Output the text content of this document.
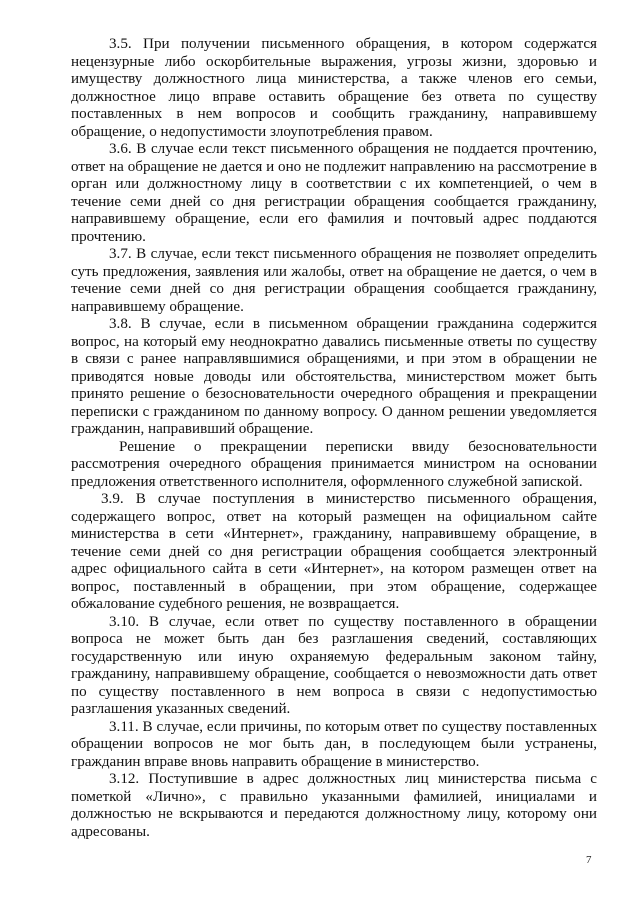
3.5. При получении письменного обращения, в котором содержатся нецензурные либо оскорбительные выражения, угрозы жизни, здоровью и имуществу должностного лица министерства, а также членов его семьи, должностное лицо вправе оставить обращение без ответа по существу поставленных в нем вопросов и сообщить гражданину, направившему обращение, о недопустимости злоупотребления правом.

3.6. В случае если текст письменного обращения не поддается прочтению, ответ на обращение не дается и оно не подлежит направлению на рассмотрение в орган или должностному лицу в соответствии с их компетенцией, о чем в течение семи дней со дня регистрации обращения сообщается гражданину, направившему обращение, если его фамилия и почтовый адрес поддаются прочтению.

3.7. В случае, если текст письменного обращения не позволяет определить суть предложения, заявления или жалобы, ответ на обращение не дается, о чем в течение семи дней со дня регистрации обращения сообщается гражданину, направившему обращение.

3.8. В случае, если в письменном обращении гражданина содержится вопрос, на который ему неоднократно давались письменные ответы по существу в связи с ранее направлявшимися обращениями, и при этом в обращении не приводятся новые доводы или обстоятельства, министерством может быть принято решение о безосновательности очередного обращения и прекращении переписки с гражданином по данному вопросу. О данном решении уведомляется гражданин, направивший обращение.

Решение о прекращении переписки ввиду безосновательности рассмотрения очередного обращения принимается министром на основании предложения ответственного исполнителя, оформленного служебной запиской.

3.9. В случае поступления в министерство письменного обращения, содержащего вопрос, ответ на который размещен на официальном сайте министерства в сети «Интернет», гражданину, направившему обращение, в течение семи дней со дня регистрации обращения сообщается электронный адрес официального сайта в сети «Интернет», на котором размещен ответ на вопрос, поставленный в обращении, при этом обращение, содержащее обжалование судебного решения, не возвращается.

3.10. В случае, если ответ по существу поставленного в обращении вопроса не может быть дан без разглашения сведений, составляющих государственную или иную охраняемую федеральным законом тайну, гражданину, направившему обращение, сообщается о невозможности дать ответ по существу поставленного в нем вопроса в связи с недопустимостью разглашения указанных сведений.

3.11. В случае, если причины, по которым ответ по существу поставленных обращении вопросов не мог быть дан, в последующем были устранены, гражданин вправе вновь направить обращение в министерство.

3.12. Поступившие в адрес должностных лиц министерства письма с пометкой «Лично», с правильно указанными фамилией, инициалами и должностью не вскрываются и передаются должностному лицу, которому они адресованы.

7
